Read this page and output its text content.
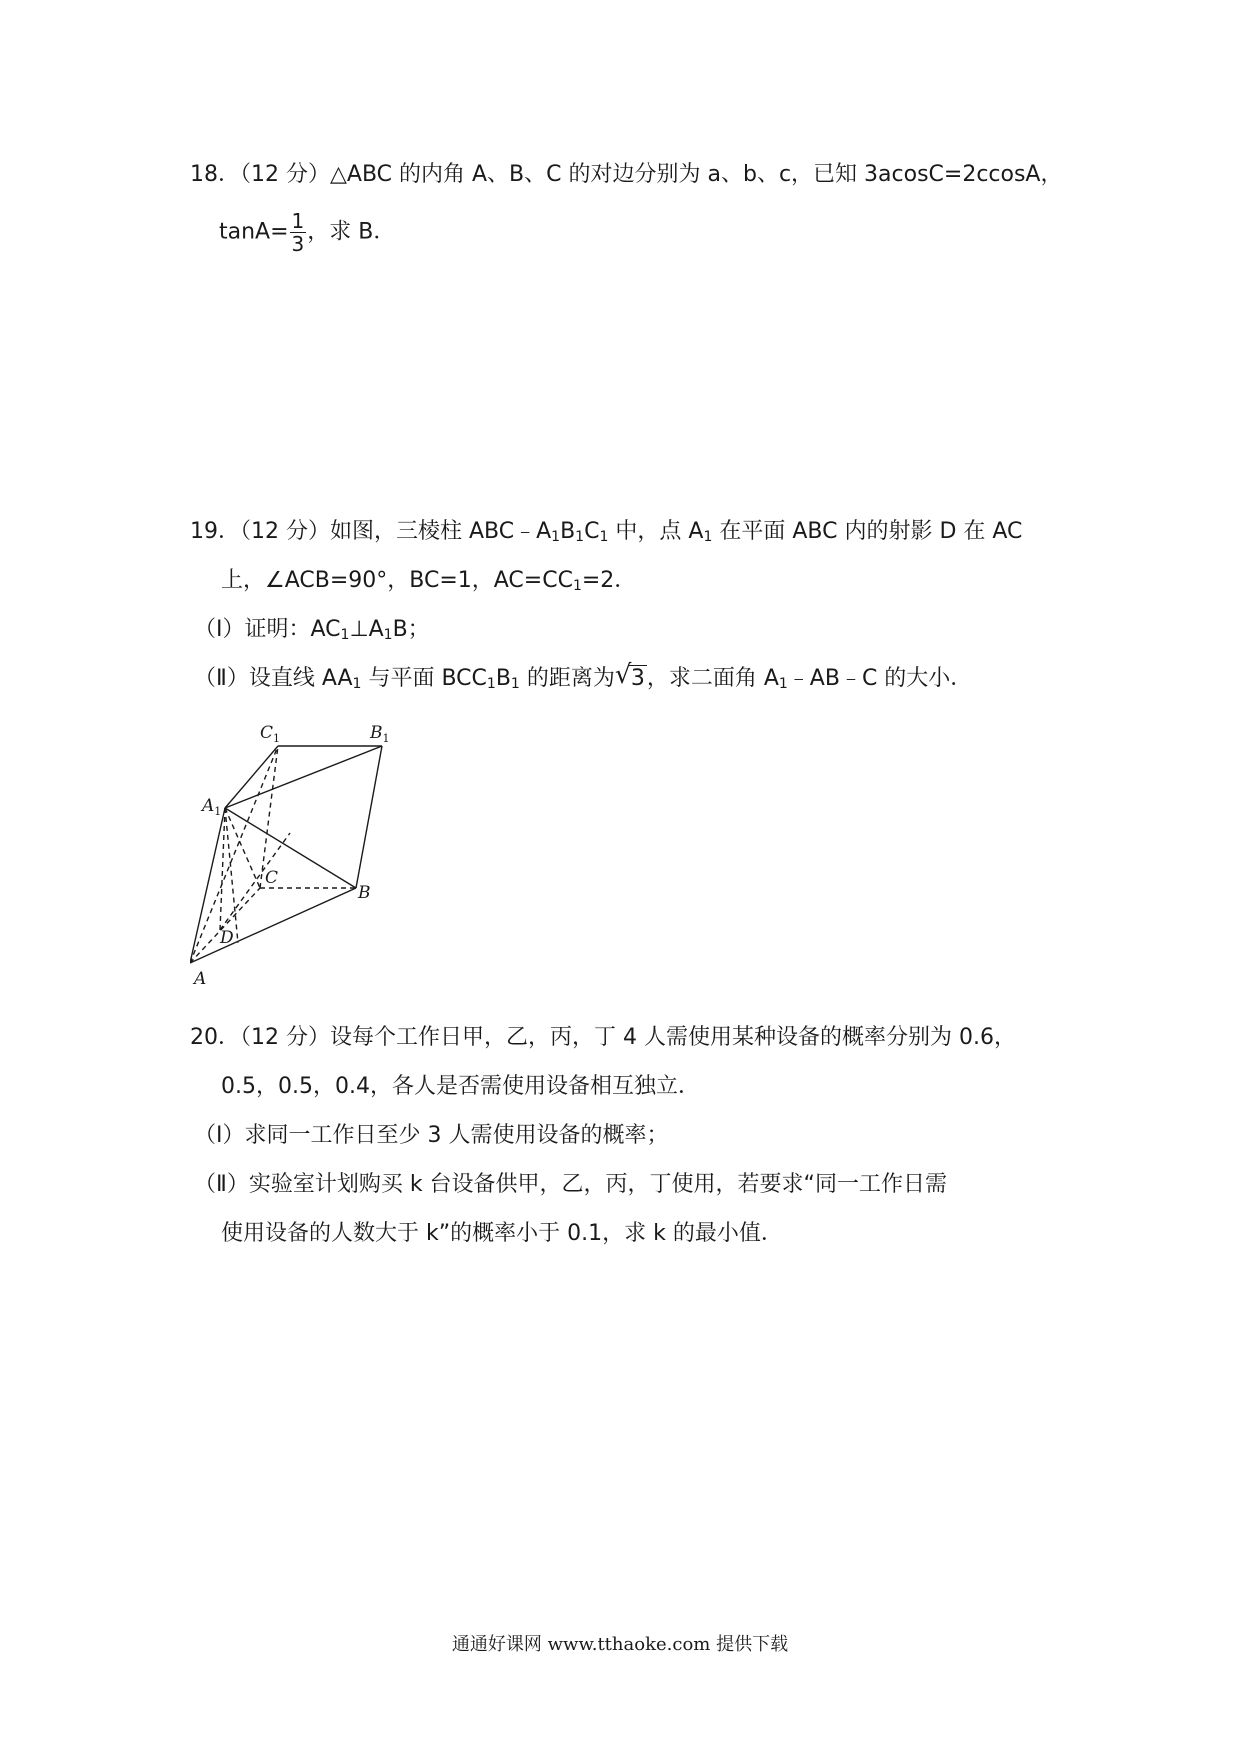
18．（12 分）△ABC 的内角 A、B、C 的对边分别为 a、b、c，已知 3acosC=2ccosA，
$\tan A= \frac{1}{3}$ ，求 B．
19．（12 分）如图，三棱柱 $ABC﹣A_1B_1C_1$ 中，点 $A_1$ 在平面 ABC 内的射影 D 在 AC
上，∠ACB=90°，BC=1，$AC=CC_1=2$．
（Ⅰ）证明：$AC_1\perp A_1B$；
（Ⅱ）设直线 $AA_1$ 与平面 $BCC_1B_1$ 的距离为 √ 3，求二面角 $A_1﹣AB﹣C$ 的大小．
$C_1$	$B_1$
$A_1$
C
B
D
A
20．（12 分）设每个工作日甲，乙，丙，丁 4 人需使用某种设备的概率分别为 0.6，
0.5，0.5，0.4，各人是否需使用设备相互独立．
（Ⅰ）求同一工作日至少 3 人需使用设备的概率；
（Ⅱ）实验室计划购买 k 台设备供甲，乙，丙，丁使用，若要求“同一工作日需
使用设备的人数大于 k”的概率小于 0.1，求 k 的最小值．
通通好课网 www.tthaoke.com 提供下载
